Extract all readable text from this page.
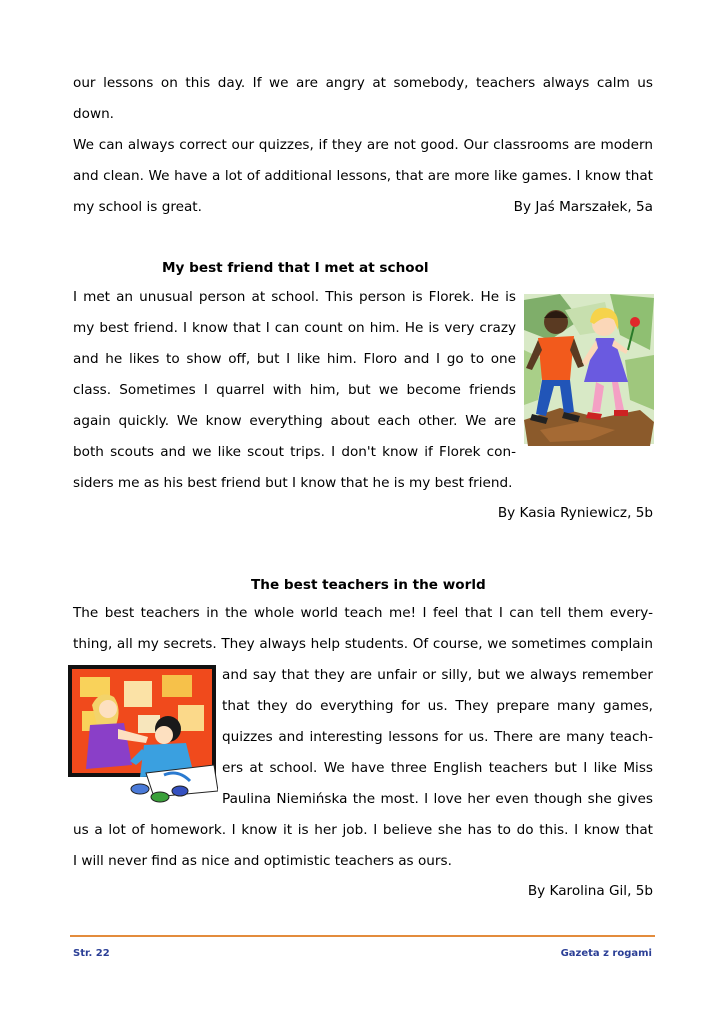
our lessons on this day. If we are angry at somebody, teachers always calm us down.
We can always correct our quizzes, if they are not good. Our classrooms are modern
and clean. We have a lot of additional lessons, that are more like games. I know that
my school is great.	By Jaś Marszałek, 5a
My best friend that I met at school
I met an unusual person at school. This person is Florek. He is
my best friend. I know that I can count on him. He is very crazy
and he likes to show off, but I like him. Floro and I go to one
class. Sometimes I quarrel with him, but we become friends
again quickly. We know everything about each other. We are
both scouts and we like scout trips. I don't know if Florek con-
siders me as his best friend but I know that he is my best friend.
By Kasia Ryniewicz, 5b
The best teachers in the world
The best teachers in the whole world teach me! I feel that I can tell them every-
thing, all my secrets. They always help students. Of course, we sometimes complain
and say that they are unfair or silly, but we always remember
that they do everything for us. They prepare many games,
quizzes and interesting lessons for us. There are many teach-
ers at school. We have three English teachers but I like Miss
Paulina Niemińska the most. I love her even though she gives
us a lot of homework. I know it is her job. I believe she has to do this. I know that
I will never find as nice and optimistic teachers as ours.
By Karolina Gil, 5b
Str. 22	Gazeta z rogami
